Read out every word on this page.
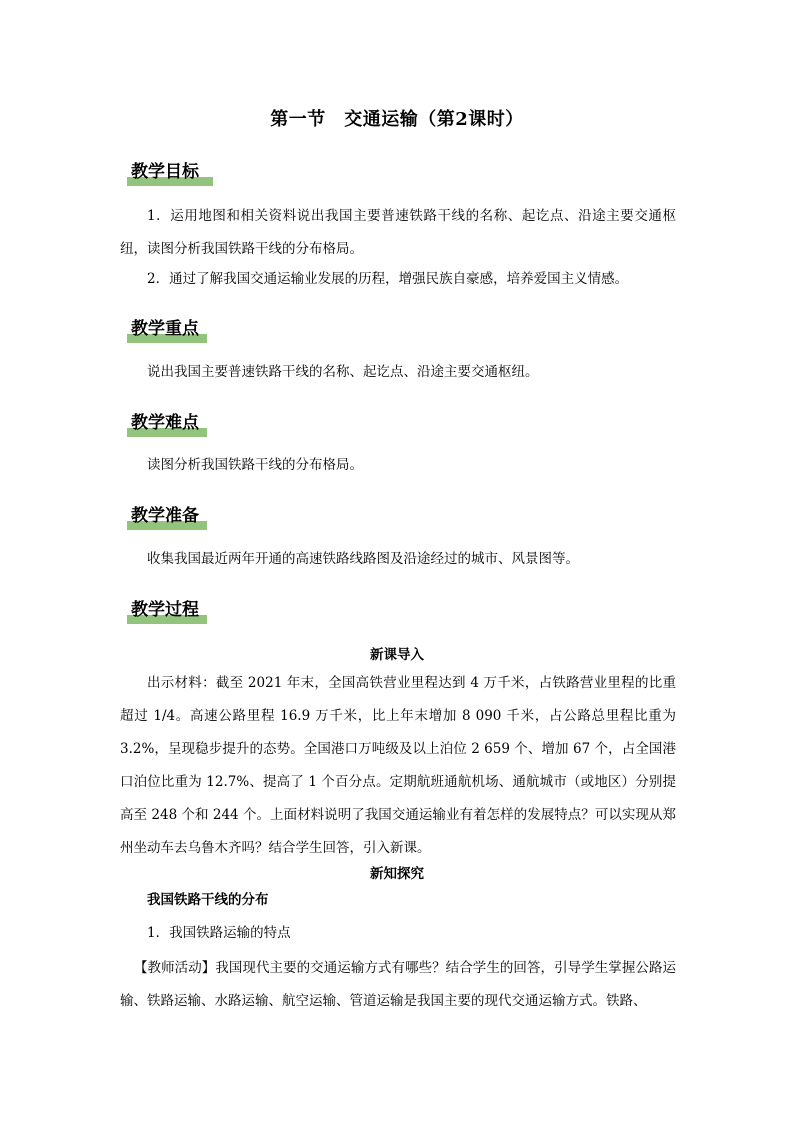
第一节　交通运输（第2课时）
教学目标

1．运用地图和相关资料说出我国主要普速铁路干线的名称、起讫点、沿途主要交通枢纽，读图分析我国铁路干线的分布格局。

2．通过了解我国交通运输业发展的历程，增强民族自豪感，培养爱国主义情感。

教学重点

说出我国主要普速铁路干线的名称、起讫点、沿途主要交通枢纽。

教学难点

读图分析我国铁路干线的分布格局。

教学准备

收集我国最近两年开通的高速铁路线路图及沿途经过的城市、风景图等。

教学过程
新课导入

出示材料：截至 2021 年末，全国高铁营业里程达到 4 万千米，占铁路营业里程的比重超过 1/4。高速公路里程 16.9 万千米，比上年末增加 8 090 千米，占公路总里程比重为 3.2%，呈现稳步提升的态势。全国港口万吨级及以上泊位 2 659 个、增加 67 个，占全国港口泊位比重为 12.7%、提高了 1 个百分点。定期航班通航机场、通航城市（或地区）分别提高至 248 个和 244 个。上面材料说明了我国交通运输业有着怎样的发展特点？可以实现从郑州坐动车去乌鲁木齐吗？结合学生回答，引入新课。

新知探究

我国铁路干线的分布

1．我国铁路运输的特点

【教师活动】我国现代主要的交通运输方式有哪些？结合学生的回答，引导学生掌握公路运输、铁路运输、水路运输、航空运输、管道运输是我国主要的现代交通运输方式。铁路、
